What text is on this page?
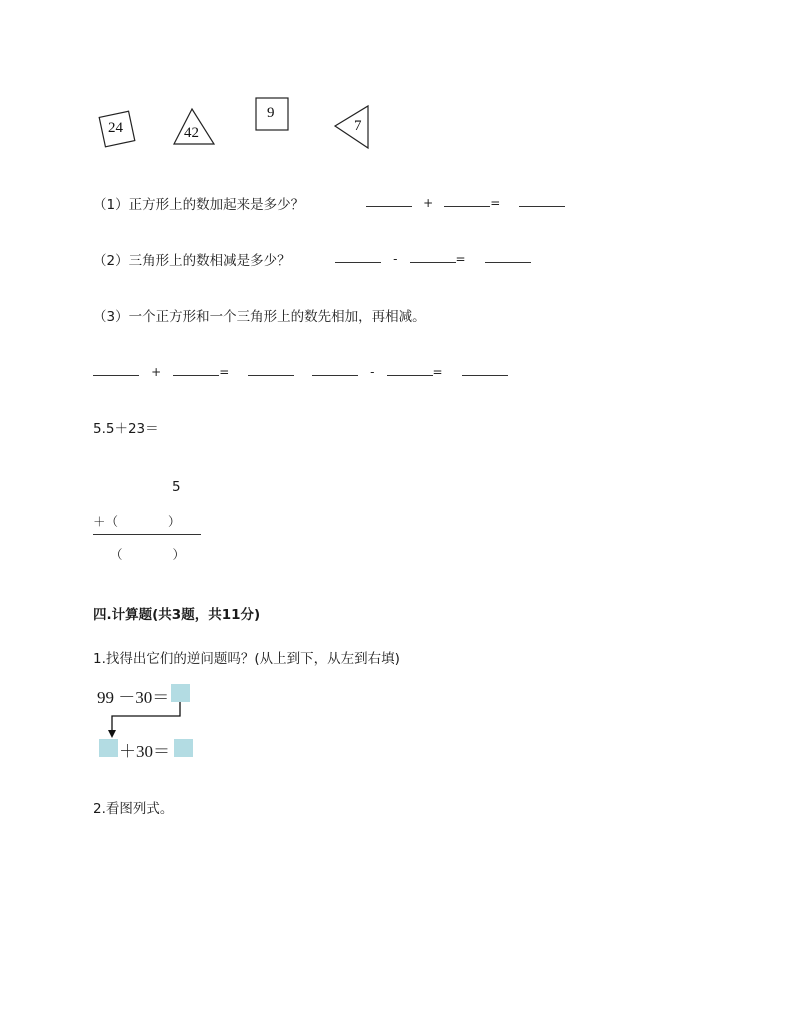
24	42
9
7
（1）正方形上的数加起来是多少？	+	=
（2）三角形上的数相减是多少？	-	=
（3）一个正方形和一个三角形上的数先相加，再相减。
+	=	-	=
5.5＋23＝
5
＋（　　　　）
（　　　　）
四.计算题(共3题，共11分)
1.找得出它们的逆问题吗？(从上到下，从左到右填)
99 －30＝
＋30＝
2.看图列式。
